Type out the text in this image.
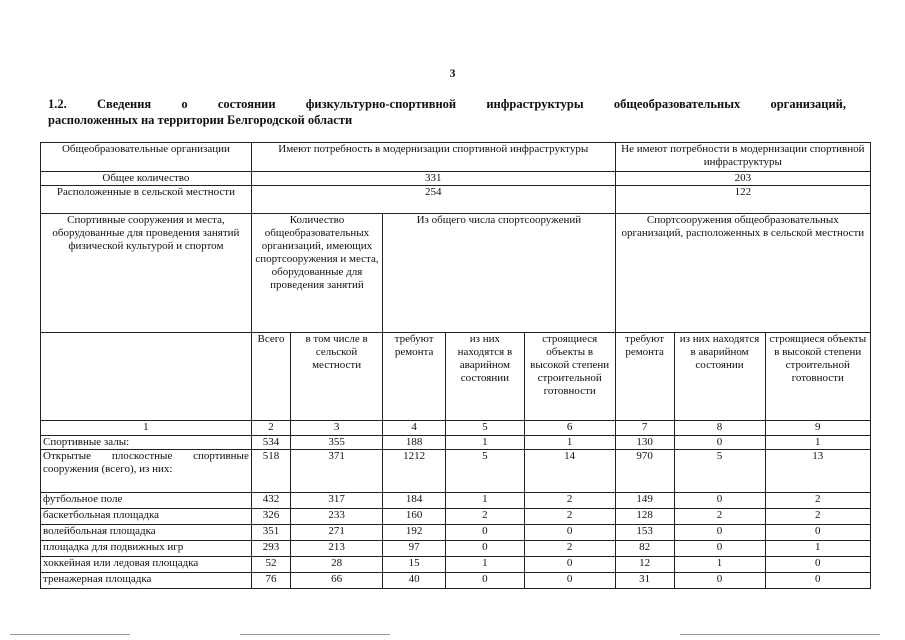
3
1.2. Сведения о состоянии физкультурно-спортивной инфраструктуры общеобразовательных организаций,
расположенных на территории Белгородской области
Общеобразовательные организации	Имеют потребность в модернизации спортивной инфраструктуры					Не имеют потребности в модернизации спортивной инфраструктуры		
Общее количество	331					203		
Расположенные в сельской местности	254					122		
Спортивные сооружения и места, оборудованные для проведения занятий физической культурой и спортом	Количество общеобразовательных организаций, имеющих спортсооружения и места, оборудованные для проведения занятий		Из общего числа спортсооружений			Спортсооружения общеобразовательных организаций, расположенных в сельской местности		

	Всего	в том числе в сельской местности	требуют ремонта	из них находятся в аварийном состоянии	строящиеся объекты в высокой степени строительной готовности	требуют ремонта	из них находятся в аварийном состоянии	строящиеся объекты в высокой степени строительной готовности
1	2	3	4	5	6	7	8	9
Спортивные залы:	534	355	188	1	1	130	0	1
Открытые плоскостные спортивные сооружения (всего), из них:	518	371	1212	5	14	970	5	13
футбольное поле	432	317	184	1	2	149	0	2
баскетбольная площадка	326	233	160	2	2	128	2	2
волейбольная площадка	351	271	192	0	0	153	0	0
площадка для подвижных игр	293	213	97	0	2	82	0	1
хоккейная или ледовая площадка	52	28	15	1	0	12	1	0
тренажерная площадка	76	66	40	0	0	31	0	0
